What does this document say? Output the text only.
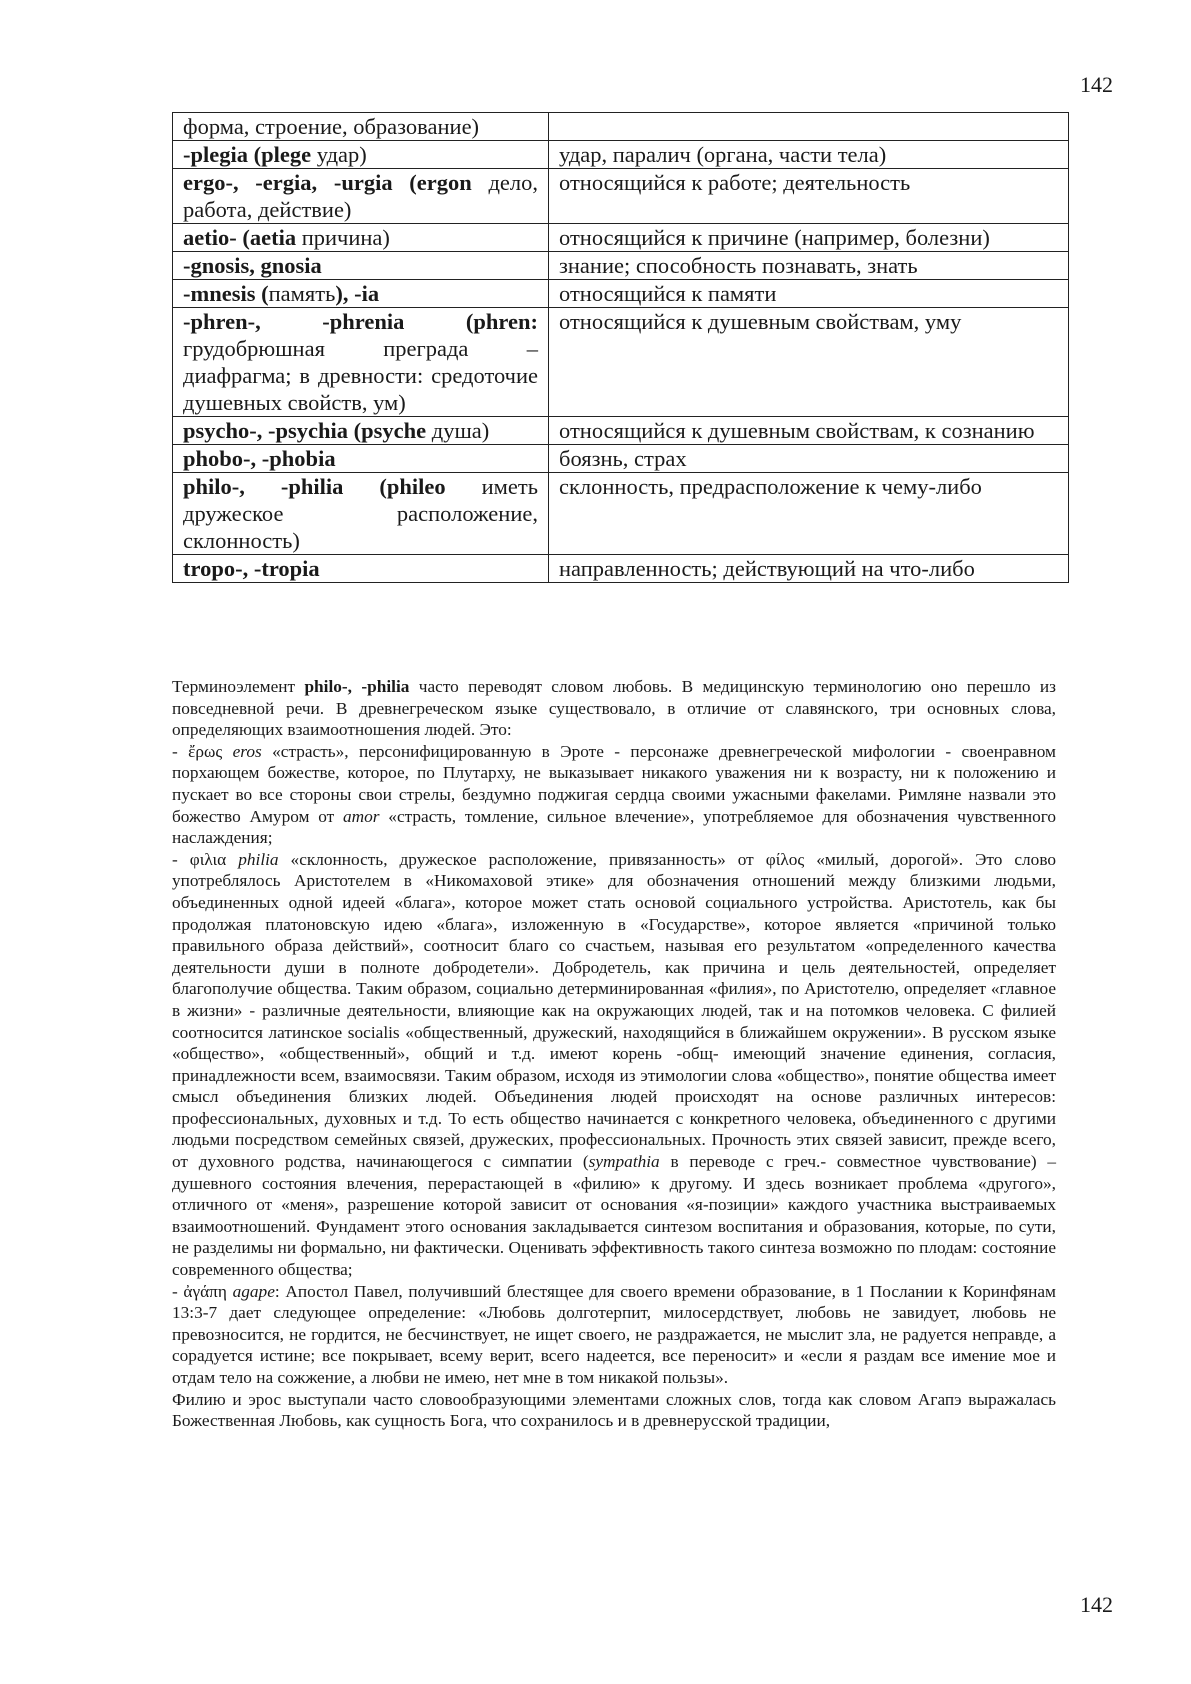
142
форма, строение, образование)	
-plegia (plege удар)	удар, паралич (органа, части тела)
ergo-, -ergia, -urgia (ergon дело, работа, действие)	относящийся к работе; деятельность
aetio- (aetia причина)	относящийся к причине (например, болезни)
-gnosis, gnosia	знание; способность познавать, знать
-mnesis (память), -ia	относящийся к памяти
-phren-, -phrenia (phren: грудобрюшная преграда – диафрагма; в древности: средоточие душевных свойств, ум)	относящийся к душевным свойствам, уму
psycho-, -psychia (psyche душа)	относящийся к душевным свойствам, к сознанию
phobo-, -phobia	боязнь, страх
philo-, -philia (phileo иметь дружеское расположение, склонность)	склонность, предрасположение к чему-либо
tropo-, -tropia	направленность; действующий на что-либо

Терминоэлемент philo-, -philia часто переводят словом любовь. В медицинскую терминологию оно перешло из повседневной речи. В древнегреческом языке существовало, в отличие от славянского, три основных слова, определяющих взаимоотношения людей. Это:

- ἔρως eros «страсть», персонифицированную в Эроте - персонаже древнегреческой мифологии - своенравном порхающем божестве, которое, по Плутарху, не выказывает никакого уважения ни к возрасту, ни к положению и пускает во все стороны свои стрелы, бездумно поджигая сердца своими ужасными факелами. Римляне назвали это божество Амуром от amor «страсть, томление, сильное влечение», употребляемое для обозначения чувственного наслаждения;

- φιλια philia «склонность, дружеское расположение, привязанность» от φίλος «милый, дорогой». Это слово употреблялось Аристотелем в «Никомаховой этике» для обозначения отношений между близкими людьми, объединенных одной идеей «блага», которое может стать основой социального устройства. Аристотель, как бы продолжая платоновскую идею «блага», изложенную в «Государстве», которое является «причиной только правильного образа действий», соотносит благо со счастьем, называя его результатом «определенного качества деятельности души в полноте добродетели». Добродетель, как причина и цель деятельностей, определяет благополучие общества. Таким образом, социально детерминированная «филия», по Аристотелю, определяет «главное в жизни» - различные деятельности, влияющие как на окружающих людей, так и на потомков человека. С филией соотносится латинское socialis «общественный, дружеский, находящийся в ближайшем окружении». В русском языке «общество», «общественный», общий и т.д. имеют корень -общ- имеющий значение единения, согласия, принадлежности всем, взаимосвязи. Таким образом, исходя из этимологии слова «общество», понятие общества имеет смысл объединения близких людей. Объединения людей происходят на основе различных интересов: профессиональных, духовных и т.д. То есть общество начинается с конкретного человека, объединенного с другими людьми посредством семейных связей, дружеских, профессиональных. Прочность этих связей зависит, прежде всего, от духовного родства, начинающегося с симпатии (sympathia в переводе с греч.- совместное чувствование) – душевного состояния влечения, перерастающей в «филию» к другому. И здесь возникает проблема «другого», отличного от «меня», разрешение которой зависит от основания «я-позиции» каждого участника выстраиваемых взаимоотношений. Фундамент этого основания закладывается синтезом воспитания и образования, которые, по сути, не разделимы ни формально, ни фактически. Оценивать эффективность такого синтеза возможно по плодам: состояние современного общества;

- ἀγάπη agape: Апостол Павел, получивший блестящее для своего времени образование, в 1 Послании к Коринфянам 13:3-7 дает следующее определение: «Любовь долготерпит, милосердствует, любовь не завидует, любовь не превозносится, не гордится, не бесчинствует, не ищет своего, не раздражается, не мыслит зла, не радуется неправде, а сорадуется истине; все покрывает, всему верит, всего надеется, все переносит» и «если я раздам все имение мое и отдам тело на сожжение, а любви не имею, нет мне в том никакой пользы».

Филию и эрос выступали часто словообразующими элементами сложных слов, тогда как словом Агапэ выражалась Божественная Любовь, как сущность Бога, что сохранилось и в древнерусской традиции,

142
